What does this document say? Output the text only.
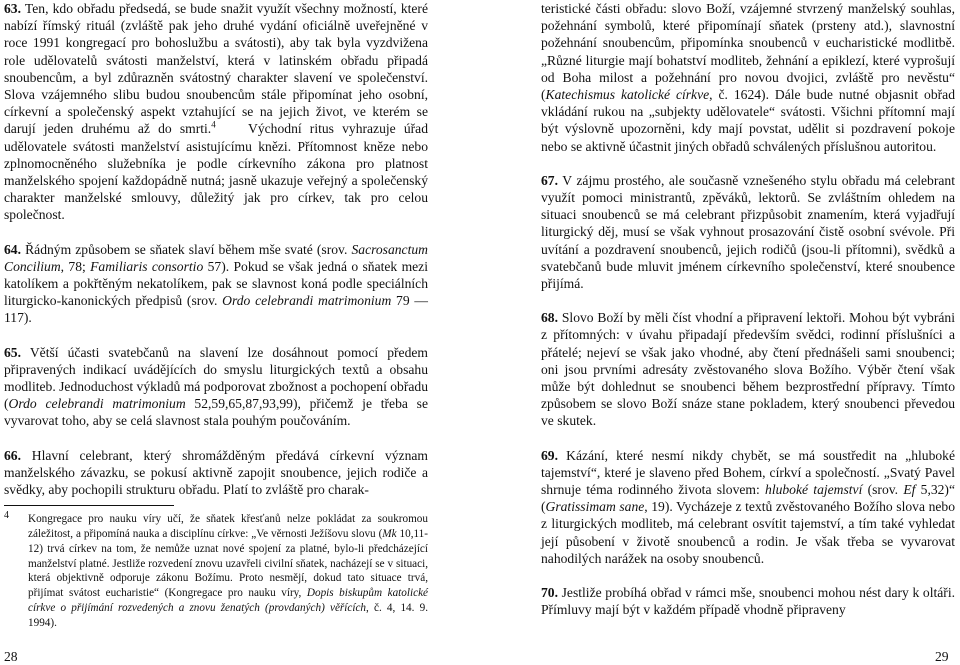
63. Ten, kdo obřadu předsedá, se bude snažit využít všechny možností, které nabízí římský rituál (zvláště pak jeho druhé vydání oficiálně uveřejněné v roce 1991 kongregací pro bohoslužbu a svátosti), aby tak byla vyzdvižena role udělovatelů svátosti manželství, která v latinském obřadu připadá snoubencům, a byl zdůrazněn svátostný charakter slavení ve společenství. Slova vzájemného slibu budou snoubencům stále připomínat jeho osobní, církevní a společenský aspekt vztahující se na jejich život, ve kterém se darují jeden druhému až do smrti.$^4$    Východní ritus vyhrazuje úřad udělovatele svátosti manželství asistujícímu knězi. Přítomnost kněze nebo zplnomocněného služebníka je podle církevního zákona pro platnost manželského spojení každopádně nutná; jasně ukazuje veřejný a společenský charakter manželské smlouvy, důležitý jak pro církev, tak pro celou společnost.

64. Řádným způsobem se sňatek slaví během mše svaté (srov. Sacrosanctum Concilium, 78; Familiaris consortio 57). Pokud se však jedná o sňatek mezi katolíkem a pokřtěným nekatolíkem, pak se slavnost koná podle speciálních liturgicko-kanonických předpisů (srov. Ordo celebrandi matrimonium 79 — 117).

65. Větší účasti svatebčanů na slavení lze dosáhnout pomocí předem připravených indikací uvádějících do smyslu liturgických textů a obsahu modliteb. Jednoduchost výkladů má podporovat zbožnost a pochopení obřadu (Ordo celebrandi matrimonium 52,59,65,87,93,99), přičemž je třeba se vyvarovat toho, aby se celá slavnost stala pouhým poučováním.

66. Hlavní celebrant, který shromážděným předává církevní význam manželského závazku, se pokusí aktivně zapojit snoubence, jejich rodiče a svědky, aby pochopili strukturu obřadu. Platí to zvláště pro charak-

4 Kongregace pro nauku víry učí, že sňatek křesťanů nelze pokládat za soukromou záležitost, a připomíná nauka a disciplínu církve: „Ve věrnosti Ježíšovu slovu (Mk 10,11-12) trvá církev na tom, že nemůže uznat nové spojení za platné, bylo-li předcházející manželství platné. Jestliže rozvedení znovu uzavřeli civilní sňatek, nacházejí se v situaci, která objektivně odporuje zákonu Božímu. Proto nesmějí, dokud tato situace trvá, přijímat svátost eucharistie“ (Kongregace pro nauku víry, Dopis biskupům katolické církve o přijímání rozvedených a znovu ženatých (provdaných) věřících, č. 4, 14. 9. 1994).

teristické části obřadu: slovo Boží, vzájemné stvrzený manželský souhlas, požehnání symbolů, které připomínají sňatek (prsteny atd.), slavnostní požehnání snoubencům, připomínka snoubenců v eucharistické modlitbě. „Různé liturgie mají bohatství modliteb, žehnání a epiklezí, které vyprošují od Boha milost a požehnání pro novou dvojici, zvláště pro nevěstu“ (Katechismus katolické církve, č. 1624). Dále bude nutné objasnit obřad vkládání rukou na „subjekty udělovatele“ svátosti. Všichni přítomní mají být výslovně upozorněni, kdy mají povstat, udělit si pozdravení pokoje nebo se aktivně účastnit jiných obřadů schválených příslušnou autoritou.

67. V zájmu prostého, ale současně vznešeného stylu obřadu má celebrant využít pomoci ministrantů, zpěváků, lektorů. Se zvláštním ohledem na situaci snoubenců se má celebrant přizpůsobit znamením, která vyjadřují liturgický děj, musí se však vyhnout prosazování čistě osobní svévole. Při uvítání a pozdravení snoubenců, jejich rodičů (jsou-li přítomni), svědků a svatebčanů bude mluvit jménem církevního společenství, které snoubence přijímá.

68. Slovo Boží by měli číst vhodní a připravení lektoři. Mohou být vybráni z přítomných: v úvahu připadají především svědci, rodinní příslušníci a přátelé; nejeví se však jako vhodné, aby čtení přednášeli sami snoubenci; oni jsou prvními adresáty zvěstovaného slova Božího. Výběr čtení však může být dohlednut se snoubenci během bezprostřední přípravy. Tímto způsobem se slovo Boží snáze stane pokladem, který snoubenci převedou ve skutek.

69. Kázání, které nesmí nikdy chybět, se má soustředit na „hluboké tajemství“, které je slaveno před Bohem, církví a společností. „Svatý Pavel shrnuje téma rodinného života slovem: hluboké tajemství (srov. Ef 5,32)“ (Gratissimam sane, 19). Vycházeje z textů zvěstovaného Božího slova nebo z liturgických modliteb, má celebrant osvítit tajemství, a tím také vyhledat její působení v životě snoubenců a rodin. Je však třeba se vyvarovat nahodilých narážek na osoby snoubenců.

70. Jestliže probíhá obřad v rámci mše, snoubenci mohou nést dary k oltáři. Přímluvy mají být v každém případě vhodně připraveny

28	29
